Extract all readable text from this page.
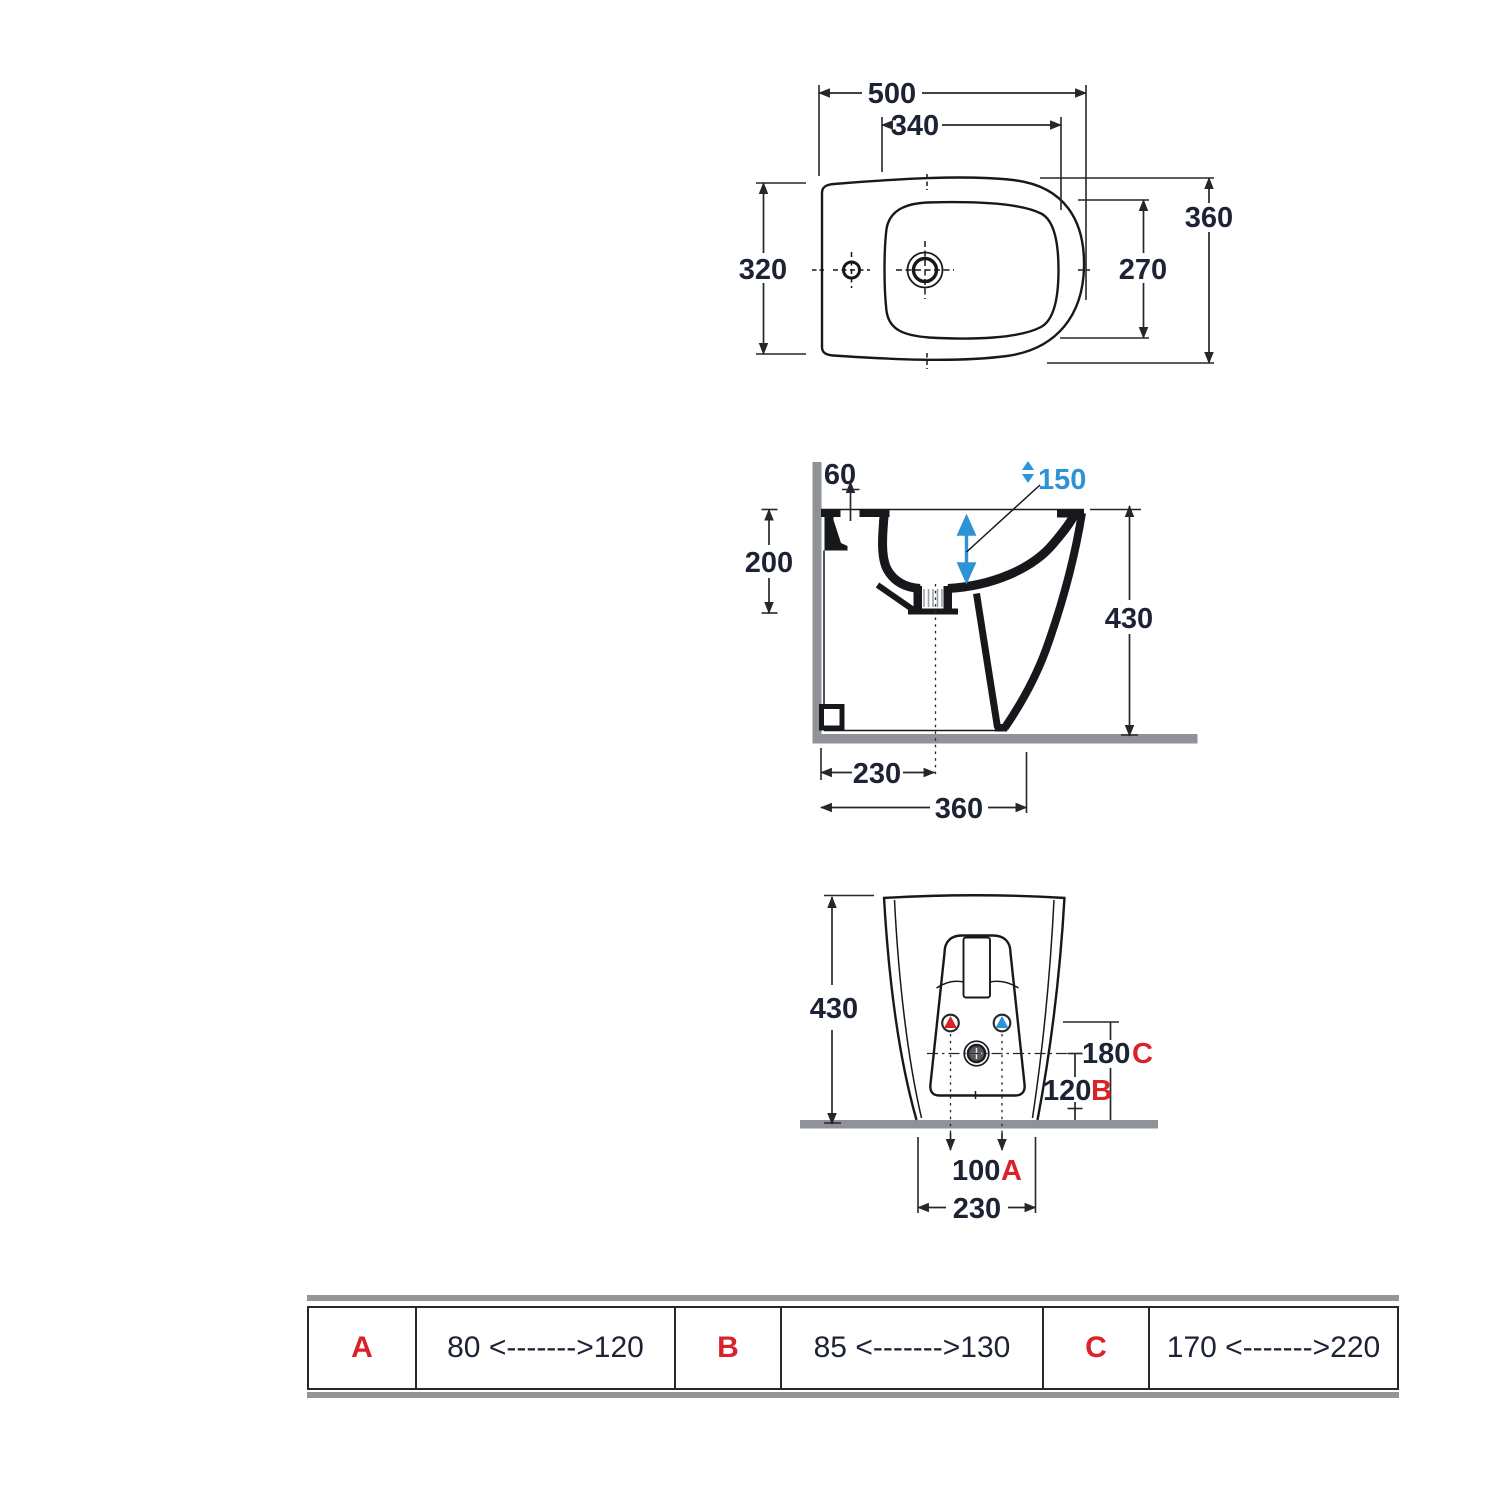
500
340
320
360
270
60
200
150
430
230
360
180 C
120 B
430
100 A
230
A	80 <------->120	B	85 <------->130	C	170 <------->220
